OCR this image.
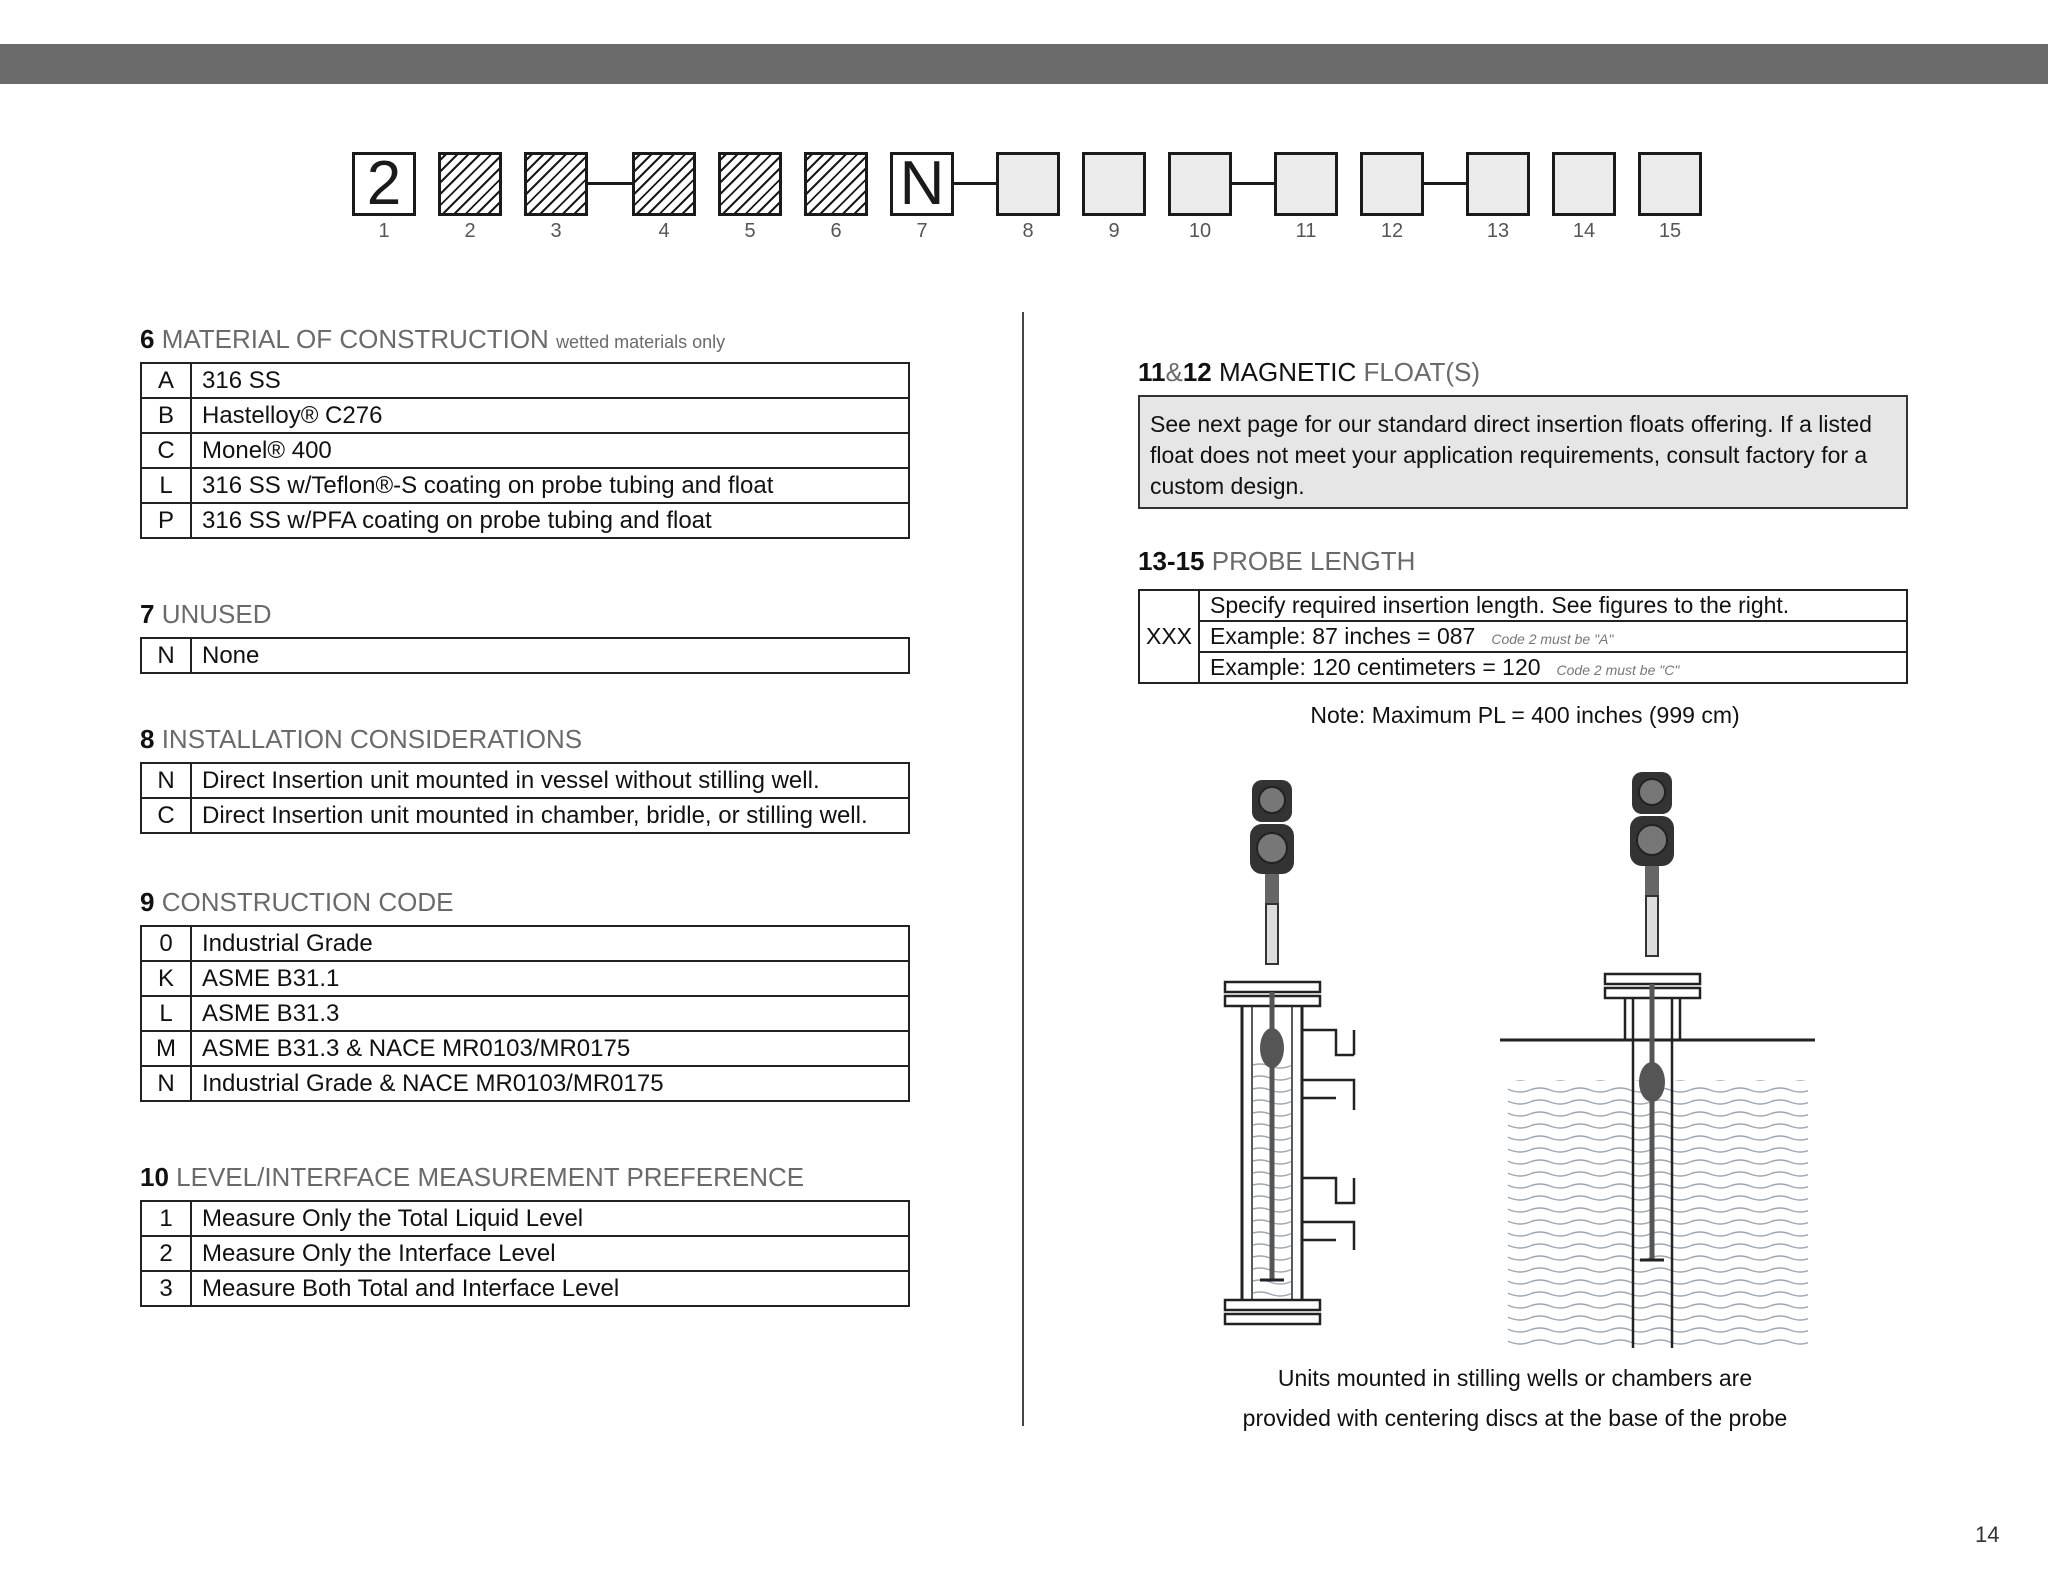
2
1	2	3	4	5	6
N
7	8	9	10	11	12	13	14	15
6 MATERIAL OF CONSTRUCTION wetted materials only
A	316 SS
B	Hastelloy® C276
C	Monel® 400
L	316 SS w/Teflon®-S coating on probe tubing and float
P	316 SS w/PFA coating on probe tubing and float
7 UNUSED
N	None
8 INSTALLATION CONSIDERATIONS
N	Direct Insertion unit mounted in vessel without stilling well.
C	Direct Insertion unit mounted in chamber, bridle, or stilling well.
9 CONSTRUCTION CODE
0	Industrial Grade
K	ASME B31.1
L	ASME B31.3
M	ASME B31.3 & NACE MR0103/MR0175
N	Industrial Grade & NACE MR0103/MR0175
10 LEVEL/INTERFACE MEASUREMENT PREFERENCE
1	Measure Only the Total Liquid Level
2	Measure Only the Interface Level
3	Measure Both Total and Interface Level
11&12 MAGNETIC FLOAT(S)
See next page for our standard direct insertion floats offering. If a listed float does not meet your application requirements, consult factory for a custom design.
13-15 PROBE LENGTH
XXX	Specify required insertion length. See figures to the right.
Example: 87 inches = 087 Code 2 must be "A"
Example: 120 centimeters = 120 Code 2 must be "C"
Note: Maximum PL = 400 inches (999 cm)
Units mounted in stilling wells or chambers are
provided with centering discs at the base of the probe
14
